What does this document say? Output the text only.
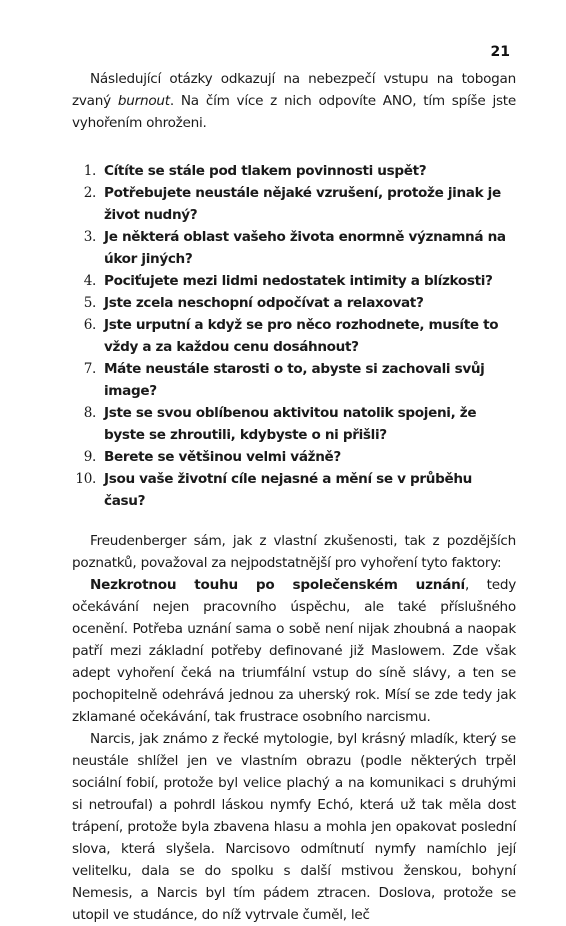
21

Následující otázky odkazují na nebezpečí vstupu na tobogan zvaný burnout. Na čím více z nich odpovíte ANO, tím spíše jste vyhořením ohroženi.

1. Cítíte se stále pod tlakem povinnosti uspět?
2. Potřebujete neustále nějaké vzrušení, protože jinak je život nudný?
3. Je některá oblast vašeho života enormně významná na úkor jiných?
4. Pociťujete mezi lidmi nedostatek intimity a blízkosti?
5. Jste zcela neschopní odpočívat a relaxovat?
6. Jste urputní a když se pro něco rozhodnete, musíte to vždy a za každou cenu dosáhnout?
7. Máte neustále starosti o to, abyste si zachovali svůj image?
8. Jste se svou oblíbenou aktivitou natolik spojeni, že byste se zhroutili, kdybyste o ni přišli?
9. Berete se většinou velmi vážně?
10. Jsou vaše životní cíle nejasné a mění se v průběhu času?

Freudenberger sám, jak z vlastní zkušenosti, tak z pozdějších poznatků, považoval za nejpodstatnější pro vyhoření tyto faktory:

Nezkrotnou touhu po společenském uznání, tedy očekávání nejen pracovního úspěchu, ale také příslušného ocenění. Potřeba uznání sama o sobě není nijak zhoubná a naopak patří mezi základní potřeby definované již Maslowem. Zde však adept vyhoření čeká na triumfální vstup do síně slávy, a ten se pochopitelně odehrává jednou za uherský rok. Mísí se zde tedy jak zklamané očekávání, tak frustrace osobního narcismu.

Narcis, jak známo z řecké mytologie, byl krásný mladík, který se neustále shlížel jen ve vlastním obrazu (podle některých trpěl sociální fobií, protože byl velice plachý a na komunikaci s druhými si netroufal) a pohrdl láskou nymfy Echó, která už tak měla dost trápení, protože byla zbavena hlasu a mohla jen opakovat poslední slova, která slyšela. Narcisovo odmítnutí nymfy namíchlo její velitelku, dala se do spolku s další mstivou ženskou, bohyní Nemesis, a Narcis byl tím pádem ztracen. Doslova, protože se utopil ve studánce, do níž vytrvale čuměl, leč
